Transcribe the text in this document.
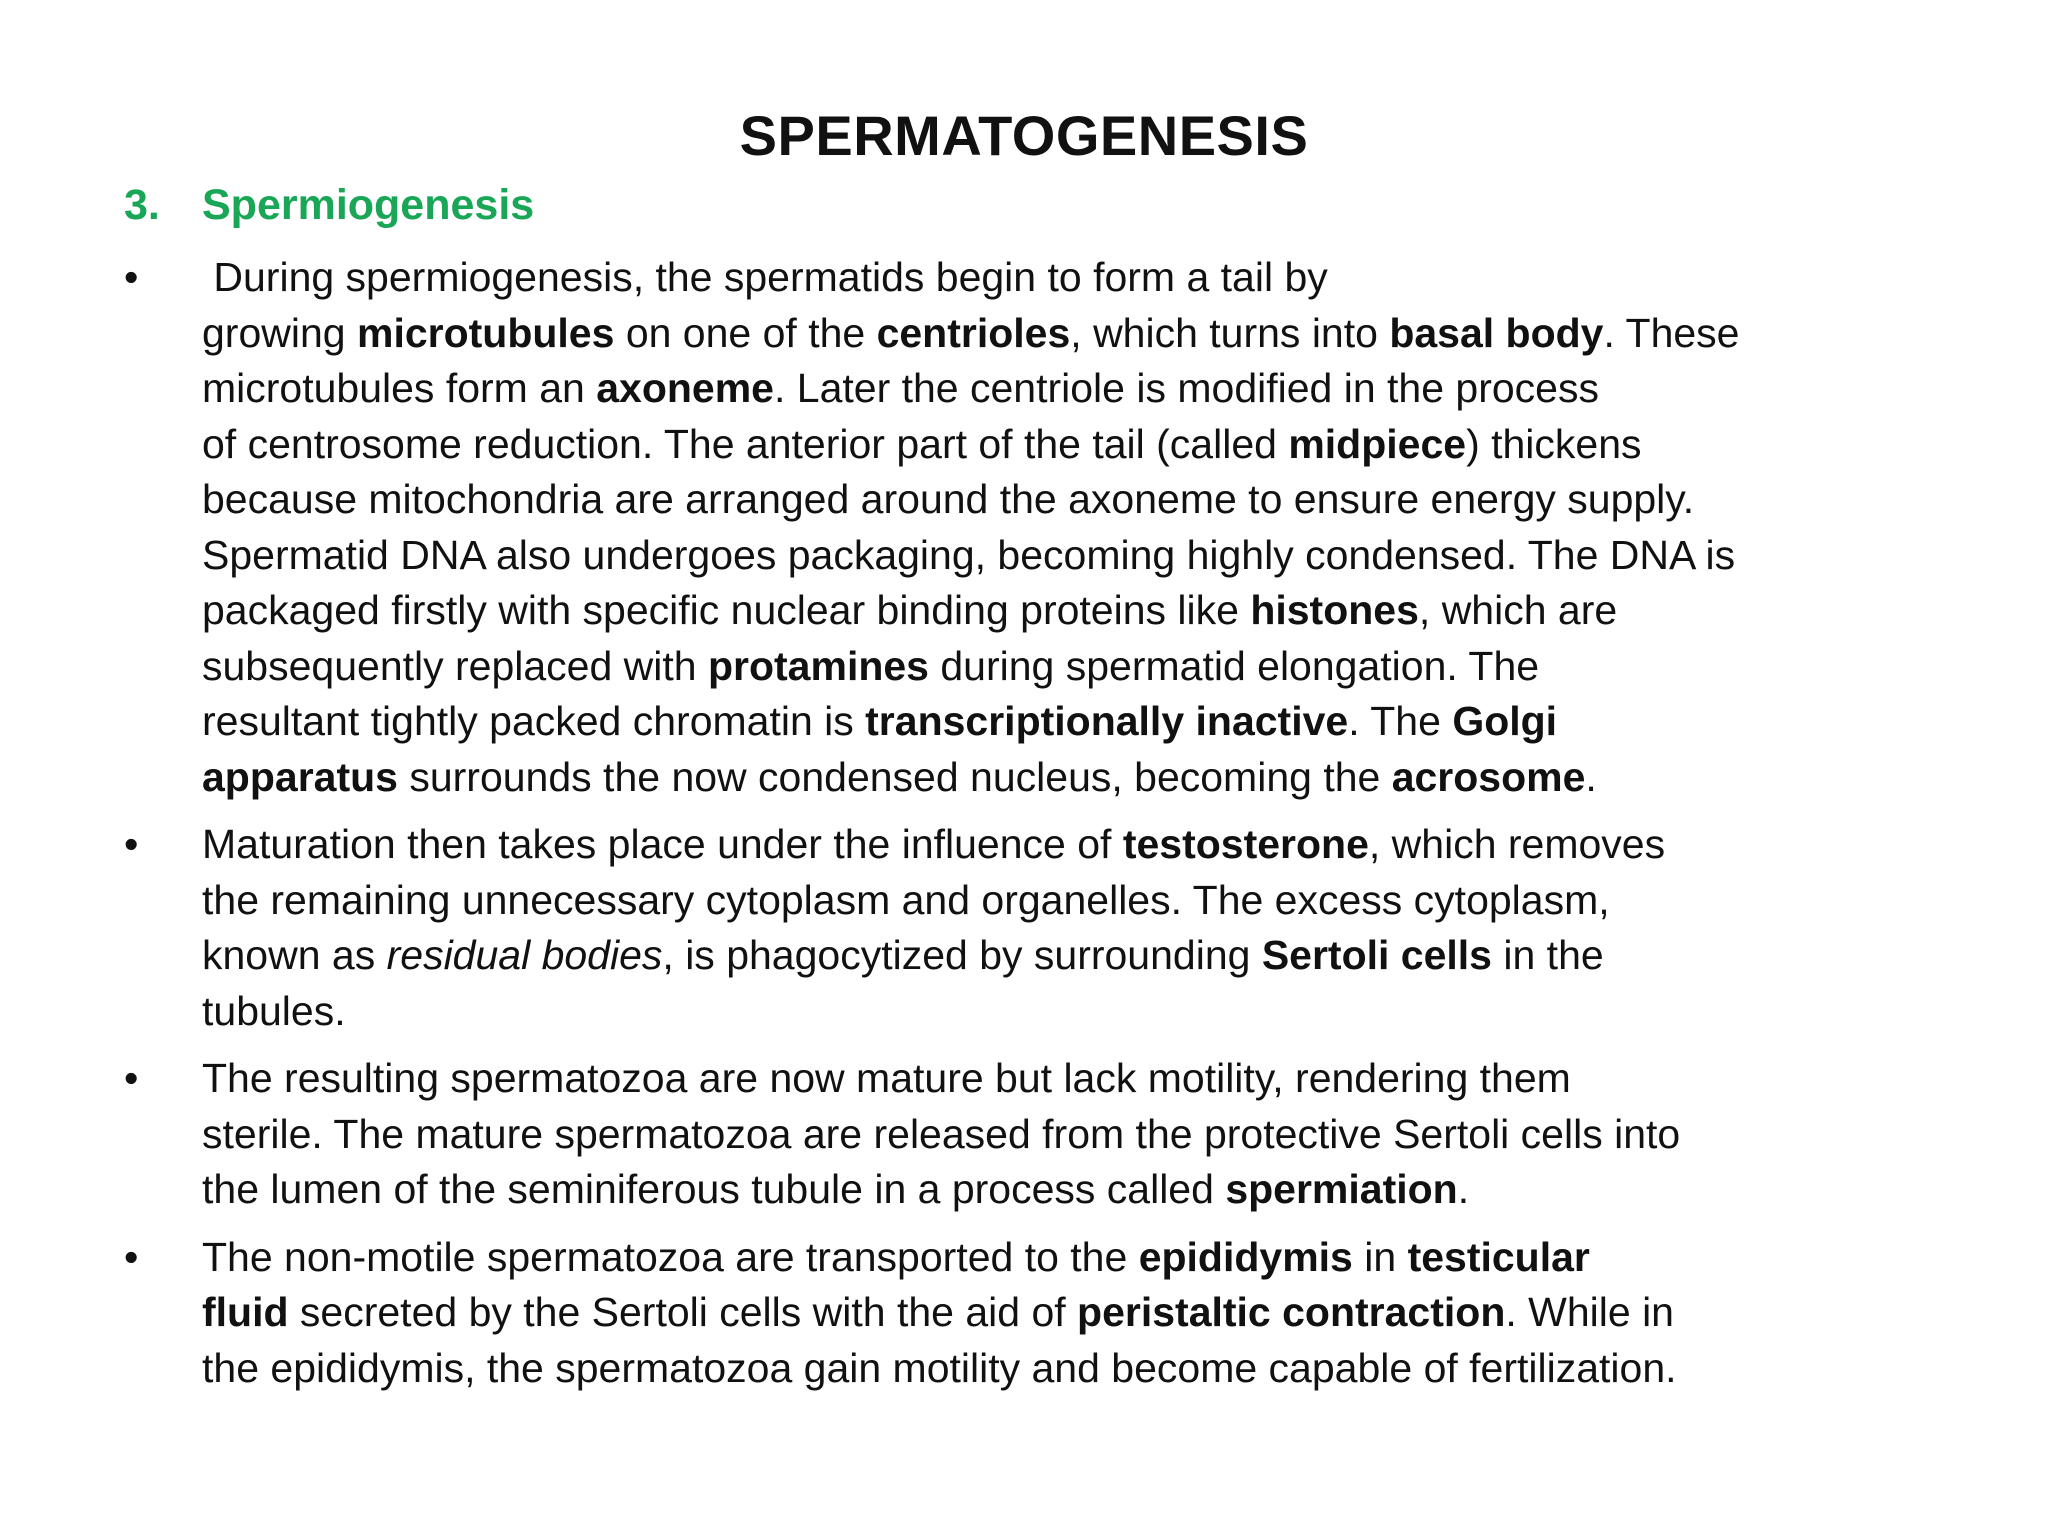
SPERMATOGENESIS
3. Spermiogenesis
•	During spermiogenesis, the spermatids begin to form a tail by
growing microtubules on one of the centrioles, which turns into basal body. These
microtubules form an axoneme. Later the centriole is modified in the process
of centrosome reduction. The anterior part of the tail (called midpiece) thickens
because mitochondria are arranged around the axoneme to ensure energy supply.
Spermatid DNA also undergoes packaging, becoming highly condensed. The DNA is
packaged firstly with specific nuclear binding proteins like histones, which are
subsequently replaced with protamines during spermatid elongation. The
resultant tightly packed chromatin is transcriptionally inactive. The Golgi
apparatus surrounds the now condensed nucleus, becoming the acrosome.

•	Maturation then takes place under the influence of testosterone, which removes
the remaining unnecessary cytoplasm and organelles. The excess cytoplasm,
known as residual bodies, is phagocytized by surrounding Sertoli cells in the
tubules.

•	The resulting spermatozoa are now mature but lack motility, rendering them
sterile. The mature spermatozoa are released from the protective Sertoli cells into
the lumen of the seminiferous tubule in a process called spermiation.

•	The non-motile spermatozoa are transported to the epididymis in testicular
fluid secreted by the Sertoli cells with the aid of peristaltic contraction. While in
the epididymis, the spermatozoa gain motility and become capable of fertilization.
